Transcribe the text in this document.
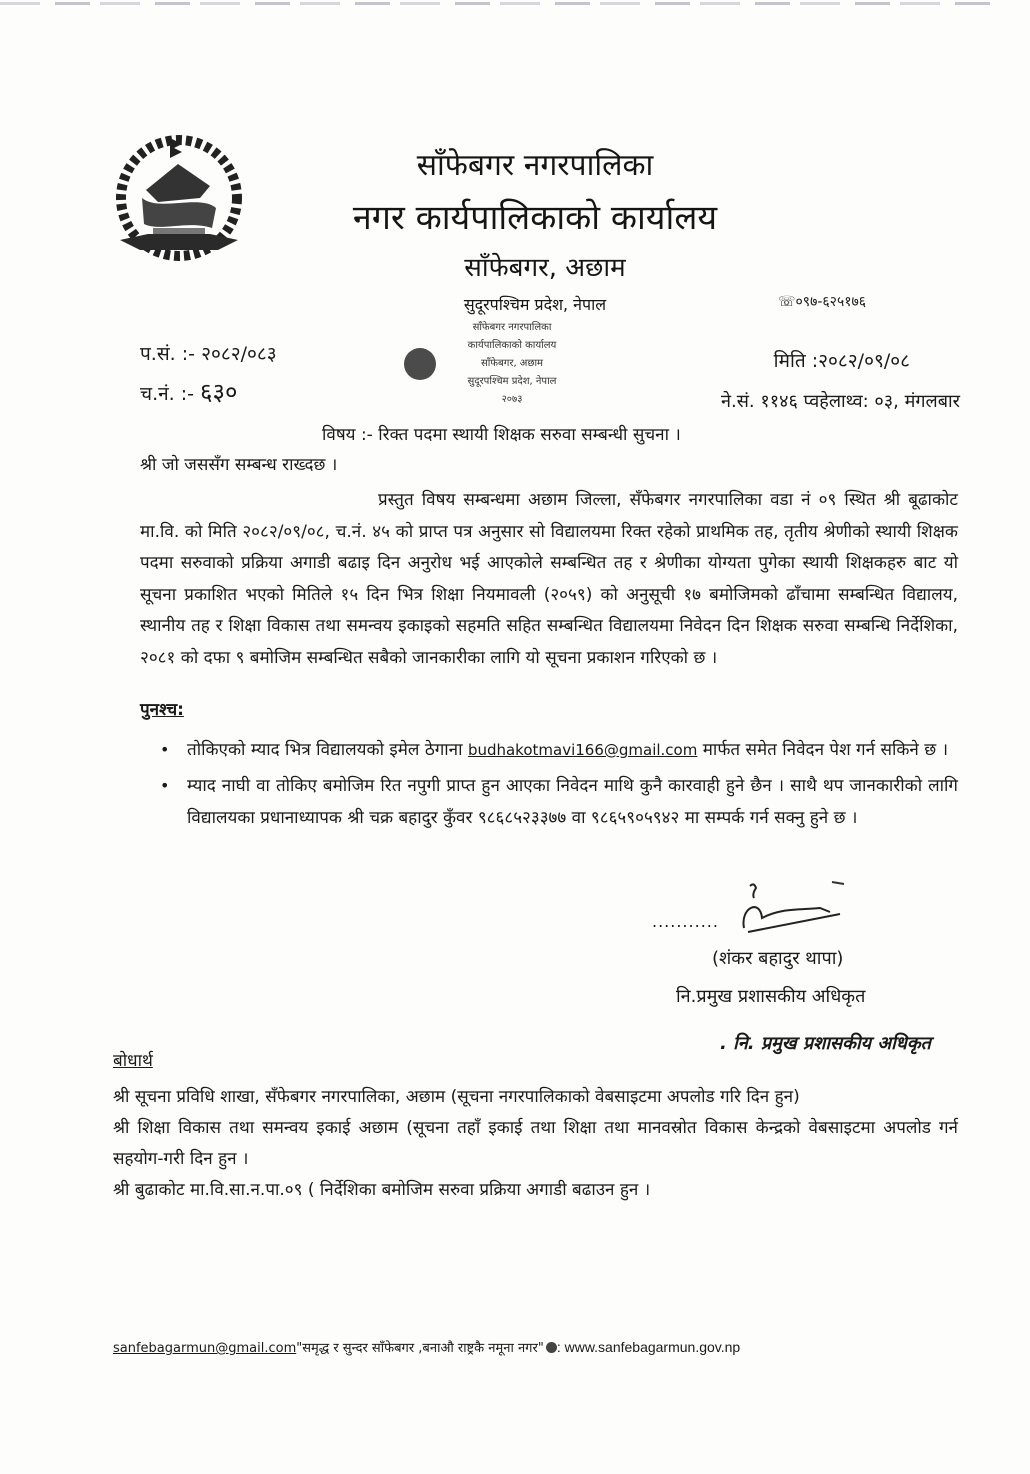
साँफेबगर नगरपालिका
नगर कार्यपालिकाको कार्यालय
साँफेबगर, अछाम
सुदूरपश्चिम प्रदेश, नेपाल	☏०९७-६२५१७६
साँफेबगर नगरपालिका
कार्यपालिकाको कार्यालय
साँफेबगर, अछाम
सुदूरपश्चिम प्रदेश, नेपाल
२०७३
प.सं. :- २०८२/०८३
च.नं. :- ६३०
मिति :२०८२/०९/०८
ने.सं. ११४६ प्वहेलाथ्व: ०३, मंगलबार
विषय :- रिक्त पदमा स्थायी शिक्षक सरुवा सम्बन्धी सुचना ।
श्री जो जससँग सम्बन्ध राख्दछ ।
प्रस्तुत विषय सम्बन्धमा अछाम जिल्ला, सँफेबगर नगरपालिका वडा नं ०९ स्थित श्री बूढाकोट मा.वि. को मिति २०८२/०९/०८, च.नं. ४५ को प्राप्त पत्र अनुसार सो विद्यालयमा रिक्त रहेको प्राथमिक तह, तृतीय श्रेणीको स्थायी शिक्षक पदमा सरुवाको प्रक्रिया अगाडी बढाइ दिन अनुरोध भई आएकोले सम्बन्धित तह र श्रेणीका योग्यता पुगेका स्थायी शिक्षकहरु बाट यो सूचना प्रकाशित भएको मितिले १५ दिन भित्र शिक्षा नियमावली (२०५९) को अनुसूची १७ बमोजिमको ढाँचामा सम्बन्धित विद्यालय, स्थानीय तह र शिक्षा विकास तथा समन्वय इकाइको सहमति सहित सम्बन्धित विद्यालयमा निवेदन दिन शिक्षक सरुवा सम्बन्धि निर्देशिका, २०८१ को दफा ९ बमोजिम सम्बन्धित सबैको जानकारीका लागि यो सूचना प्रकाशन गरिएको छ ।
पुनश्च:
• तोकिएको म्याद भित्र विद्यालयको इमेल ठेगाना budhakotmavi166@gmail.com मार्फत समेत निवेदन पेश गर्न सकिने छ ।
• म्याद नाघी वा तोकिए बमोजिम रित नपुगी प्राप्त हुन आएका निवेदन माथि कुनै कारवाही हुने छैन । साथै थप जानकारीको लागि विद्यालयका प्रधानाध्यापक श्री चक्र बहादुर कुँवर ९८६८५२३३७७ वा ९८६५९०५९४२ मा सम्पर्क गर्न सक्नु हुने छ ।
...........
(शंकर बहादुर थापा)
नि.प्रमुख प्रशासकीय अधिकृत
. नि. प्रमुख प्रशासकीय अधिकृत
बोधार्थ
श्री सूचना प्रविधि शाखा, सँफेबगर नगरपालिका, अछाम (सूचना नगरपालिकाको वेबसाइटमा अपलोड गरि दिन हुन)
श्री शिक्षा विकास तथा समन्वय इकाई अछाम (सूचना तहाँ इकाई तथा शिक्षा तथा मानवस्रोत विकास केन्द्रको वेबसाइटमा अपलोड गर्न सहयोग-गरी दिन हुन ।
श्री बुढाकोट मा.वि.सा.न.पा.०९ ( निर्देशिका बमोजिम सरुवा प्रक्रिया अगाडी बढाउन हुन ।
sanfebagarmun@gmail.com"समृद्ध र सुन्दर साँफेबगर ,बनाऔ राष्ट्रकै नमूना नगर" : www.sanfebagarmun.gov.np
